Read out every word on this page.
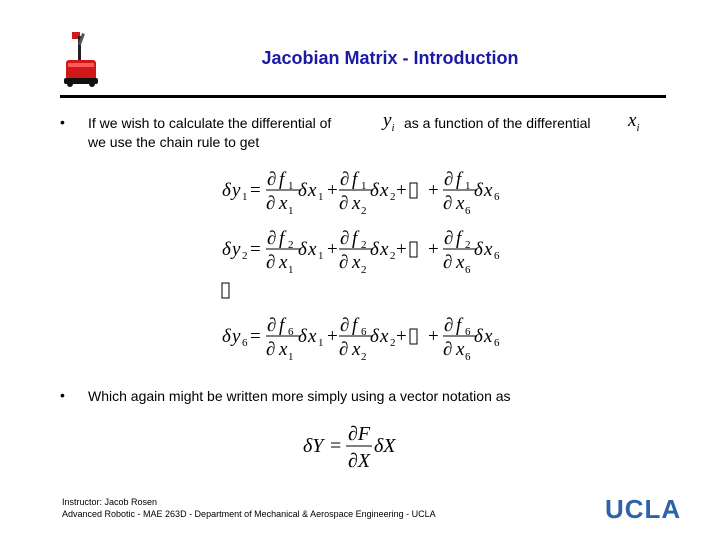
Jacobian Matrix - Introduction
• If we wish to calculate the differential of	$y_i$ as a function of the differential $x_i$
we use the chain rule to get
δ y 1 =
∂ f 1
∂ x 1
δ x 1 +
∂ f 1
∂ x 2
δ x 2 + +
∂ f 1
∂ x 6
δ x 6
δ y 2 =
∂ f 2
∂ x 1
δ x 1 +
∂ f 2
∂ x 2
δ x 2 + +
∂ f 2
∂ x 6
δ x 6
δ y 6 =
∂ f 6
∂ x 1
δ x 1 +
∂ f 6
∂ x 2
δ x 2 + +
∂ f 6
∂ x 6
δ x 6
δY =
∂F
∂X
δX
• Which again might be written more simply using a vector notation as
Instructor: Jacob Rosen
Advanced Robotic - MAE 263D - Department of Mechanical & Aerospace Engineering - UCLA	UCLA
